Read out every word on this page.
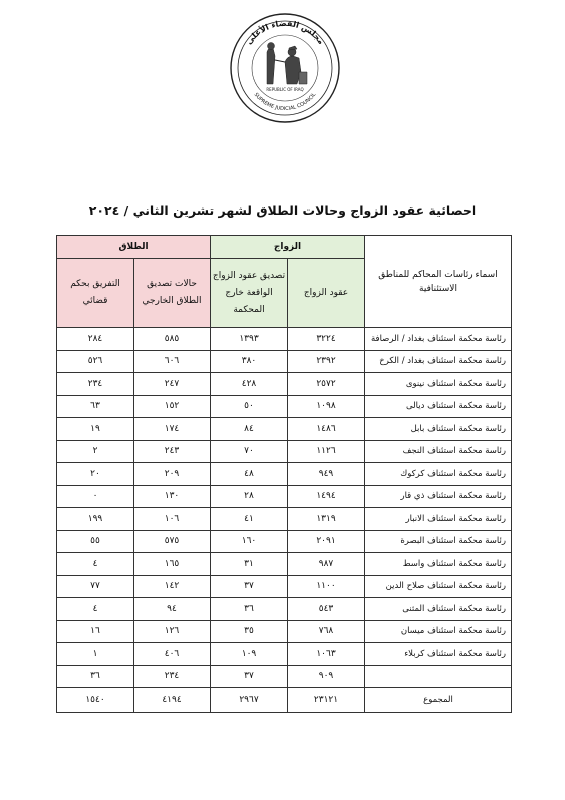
مجلس القضاء الأعلى
SUPREME JUDICIAL COUNCIL
REPUBLIC OF IRAQ
احصائية عقود الزواج وحالات الطلاق لشهر تشرين الثاني / ٢٠٢٤
اسماء رئاسات المحاكم للمناطق الاستئنافية	الزواج		الطلاق	
	عقود الزواج	تصديق عقود الزواج الواقعة خارج المحكمة	حالات تصديق الطلاق الخارجي	التفريق بحكم قضائي
رئاسة محكمة استئناف بغداد / الرصافة	٣٢٢٤	١٣٩٣	٥٨٥	٢٨٤
رئاسة محكمة استئناف بغداد / الكرخ	٢٣٩٢	٣٨٠	٦٠٦	٥٢٦
رئاسة محكمة استئناف نينوى	٢٥٧٢	٤٢٨	٢٤٧	٢٣٤
رئاسة محكمة استئناف ديالى	١٠٩٨	٥٠	١٥٢	٦٣
رئاسة محكمة استئناف بابل	١٤٨٦	٨٤	١٧٤	١٩
رئاسة محكمة استئناف النجف	١١٢٦	٧٠	٢٤٣	٢
رئاسة محكمة استئناف كركوك	٩٤٩	٤٨	٢٠٩	٢٠
رئاسة محكمة استئناف ذي قار	١٤٩٤	٢٨	١٣٠	٠
رئاسة محكمة استئناف الانبار	١٣١٩	٤١	١٠٦	١٩٩
رئاسة محكمة استئناف البصرة	٢٠٩١	١٦٠	٥٧٥	٥٥
رئاسة محكمة استئناف واسط	٩٨٧	٣١	١٦٥	٤
رئاسة محكمة استئناف صلاح الدين	١١٠٠	٣٧	١٤٢	٧٧
رئاسة محكمة استئناف المثنى	٥٤٣	٣٦	٩٤	٤
رئاسة محكمة استئناف ميسان	٧٦٨	٣٥	١٢٦	١٦
رئاسة محكمة استئناف كربلاء	١٠٦٣	١٠٩	٤٠٦	١
	٩٠٩	٣٧	٢٣٤	٣٦
المجموع	٢٣١٢١	٢٩٦٧	٤١٩٤	١٥٤٠
